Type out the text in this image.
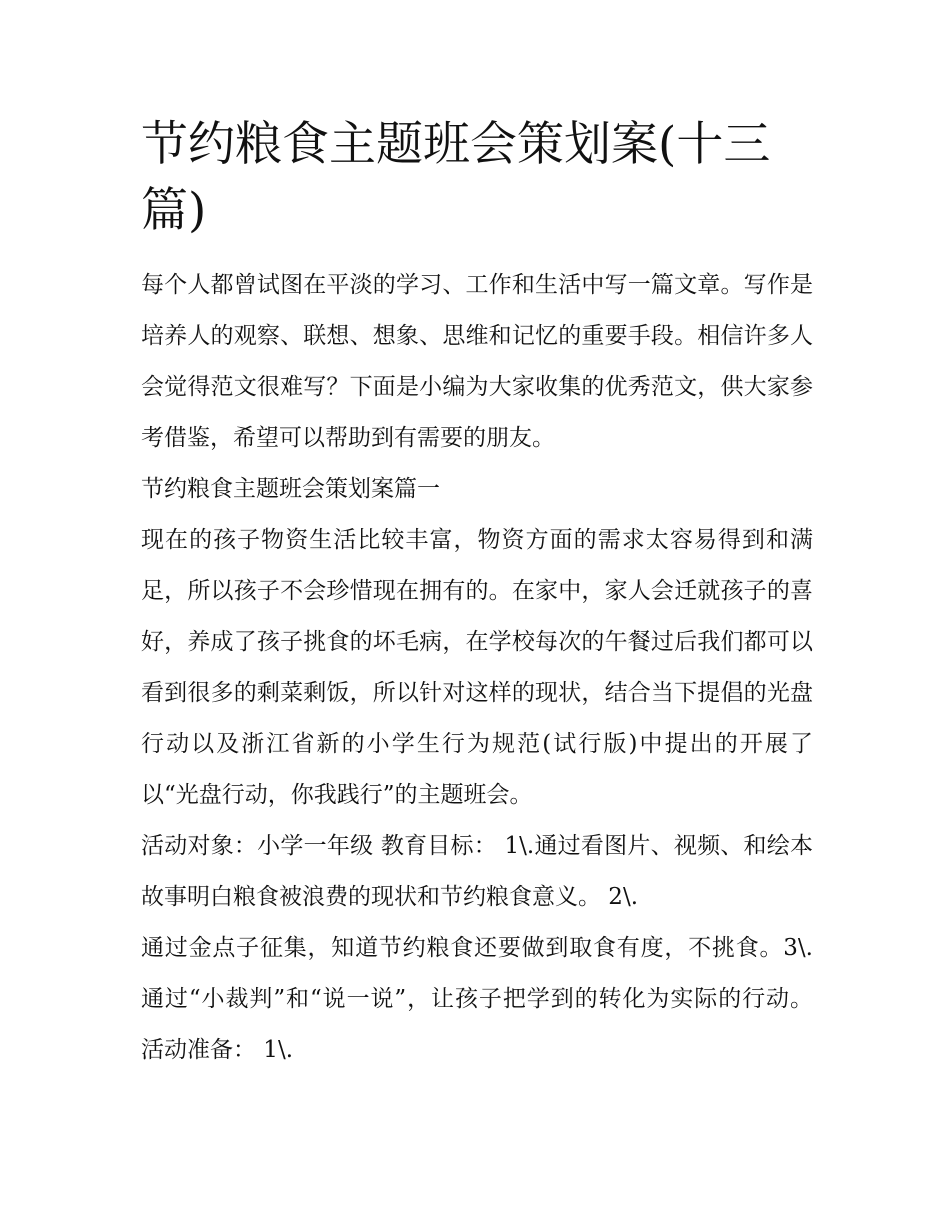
节约粮食主题班会策划案(十三篇)

每个人都曾试图在平淡的学习、工作和生活中写一篇文章。写作是培养人的观察、联想、想象、思维和记忆的重要手段。相信许多人会觉得范文很难写？下面是小编为大家收集的优秀范文，供大家参考借鉴，希望可以帮助到有需要的朋友。

节约粮食主题班会策划案篇一

现在的孩子物资生活比较丰富，物资方面的需求太容易得到和满足，所以孩子不会珍惜现在拥有的。在家中，家人会迁就孩子的喜好，养成了孩子挑食的坏毛病，在学校每次的午餐过后我们都可以看到很多的剩菜剩饭，所以针对这样的现状，结合当下提倡的光盘行动以及浙江省新的小学生行为规范(试行版)中提出的开展了以“光盘行动，你我践行”的主题班会。

活动对象：小学一年级 教育目标： 1\.通过看图片、视频、和绘本故事明白粮食被浪费的现状和节约粮食意义。 2\.

通过金点子征集，知道节约粮食还要做到取食有度，不挑食。3\.通过“小裁判”和“说一说”，让孩子把学到的转化为实际的行动。 活动准备： 1\.
